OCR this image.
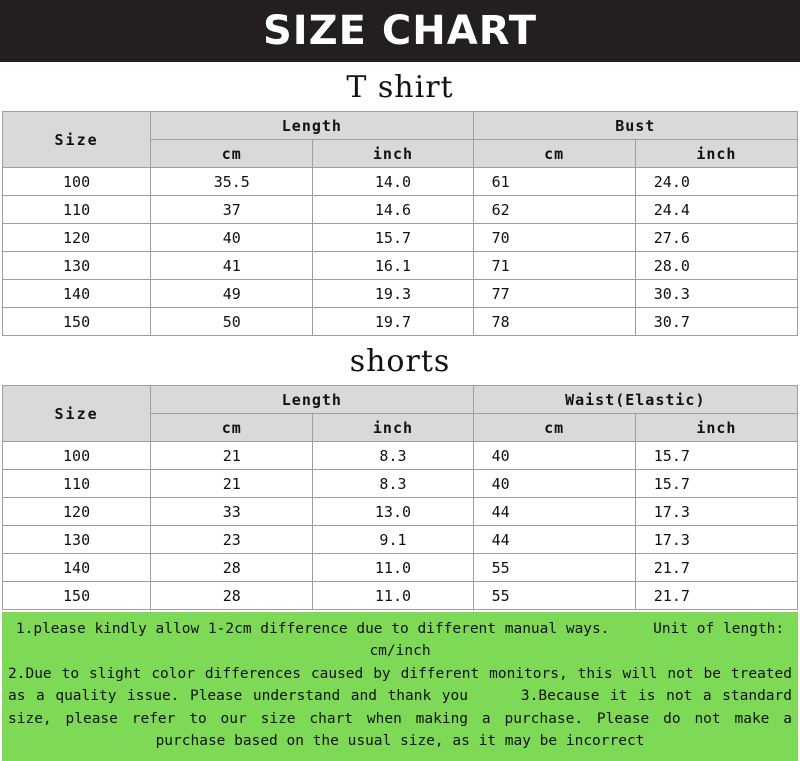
SIZE CHART
T shirt
Size	Length		Bust	
	cm	inch	cm	inch
100	35.5	14.0	61	24.0
110	37	14.6	62	24.4
120	40	15.7	70	27.6
130	41	16.1	71	28.0
140	49	19.3	77	30.3
150	50	19.7	78	30.7
shorts
Size	Length		Waist(Elastic)	
	cm	inch	cm	inch
100	21	8.3	40	15.7
110	21	8.3	40	15.7
120	33	13.0	44	17.3
130	23	9.1	44	17.3
140	28	11.0	55	21.7
150	28	11.0	55	21.7
1.please kindly allow 1-2cm difference due to different manual ways.	Unit of length:
cm/inch
2.Due to slight color differences caused by different monitors, this will not be treated as a quality issue. Please understand and thank you	3.Because it is not a standard size, please refer to our size chart when making a purchase. Please do not make a purchase based on the usual size, as it may be incorrect
